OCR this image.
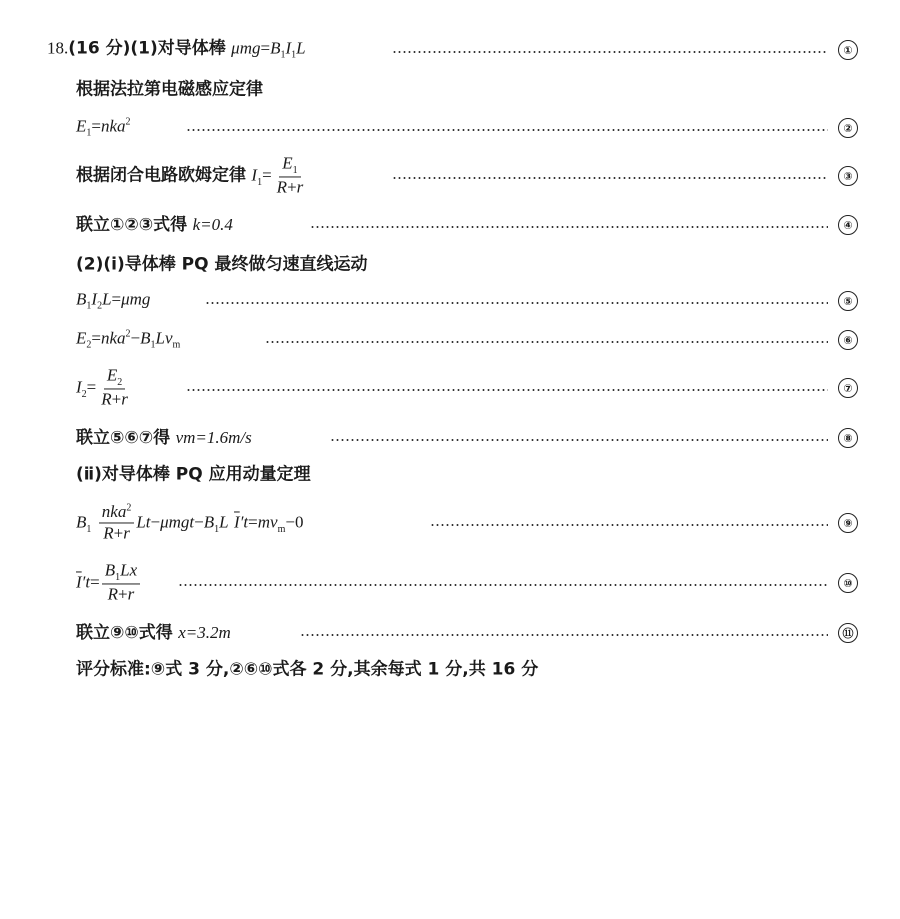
18.(16 分)(1)对导体棒 $\mu mg=B_1I_1L$	①
根据法拉第电磁感应定律
$E_1=nka^2$
②
根据闭合电路欧姆定律 $I_1= \frac{E_1}{R+r}$	③
联立①②③式得 k=0.4	④
(2)(ⅰ)导体棒 PQ 最终做匀速直线运动
$B_1I_2L=\mu mg$	⑤
$E_2=nka^2-B_1Lv_m$	⑥
$I_2= \frac{E_2}{R+r}$	⑦
联立⑤⑥⑦得 vm=1.6m/s	⑧
(ⅱ)对导体棒 PQ 应用动量定理
$B_1 \frac{nka^2}{R+r} Lt-\mu mgt-B_1L$ $\overline{I}'t=mv_m-0$	⑨
$\overline{I}'t= \frac{B_1Lx}{R+r}$	⑩
联立⑨⑩式得 x=3.2m	⑪
评分标准:⑨式 3 分,②⑥⑩式各 2 分,其余每式 1 分,共 16 分
